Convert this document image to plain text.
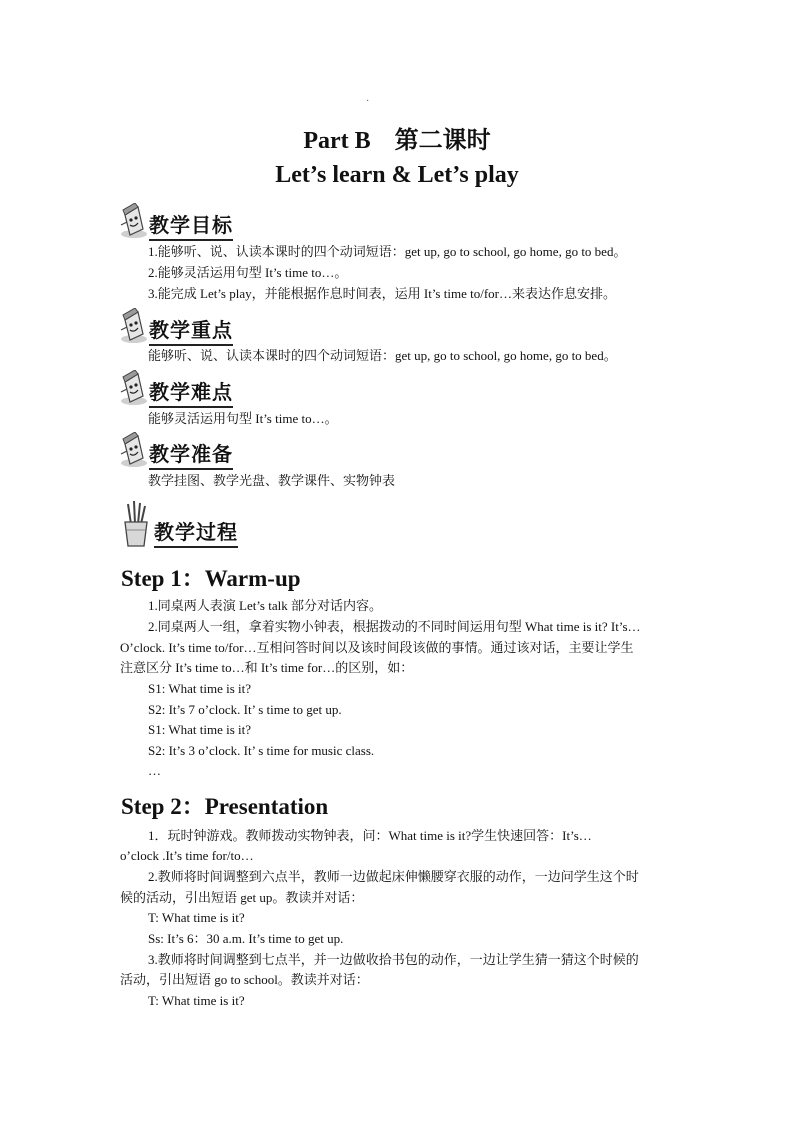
·
Part B　第二课时
Let’s learn & Let’s play
教学目标
1.能够听、说、认读本课时的四个动词短语：get up, go to school, go home, go to bed。
2.能够灵活运用句型 It’s time to…。
3.能完成 Let’s play，并能根据作息时间表，运用 It’s time to/for…来表达作息安排。
教学重点
能够听、说、认读本课时的四个动词短语：get up, go to school, go home, go to bed。
教学难点
能够灵活运用句型 It’s time to…。
教学准备
教学挂图、教学光盘、教学课件、实物钟表
教学过程
Step 1：Warm-up
1.同桌两人表演 Let’s talk 部分对话内容。
2.同桌两人一组，拿着实物小钟表，根据拨动的不同时间运用句型 What time is it? It’s…
O’clock. It’s time to/for…互相问答时间以及该时间段该做的事情。通过该对话，主要让学生
注意区分 It’s time to…和 It’s time for…的区别，如：
S1: What time is it?
S2: It’s 7 o’clock. It’ s time to get up.
S1: What time is it?
S2: It’s 3 o’clock. It’ s time for music class.
…
Step 2：Presentation
1．玩时钟游戏。教师拨动实物钟表，问：What time is it?学生快速回答：It’s…
o’clock .It’s time for/to…
2.教师将时间调整到六点半，教师一边做起床伸懒腰穿衣服的动作，一边问学生这个时
候的活动，引出短语 get up。教读并对话：
T: What time is it?
Ss: It’s 6：30 a.m. It’s time to get up.
3.教师将时间调整到七点半，并一边做收拾书包的动作，一边让学生猜一猜这个时候的
活动，引出短语 go to school。教读并对话：
T: What time is it?
